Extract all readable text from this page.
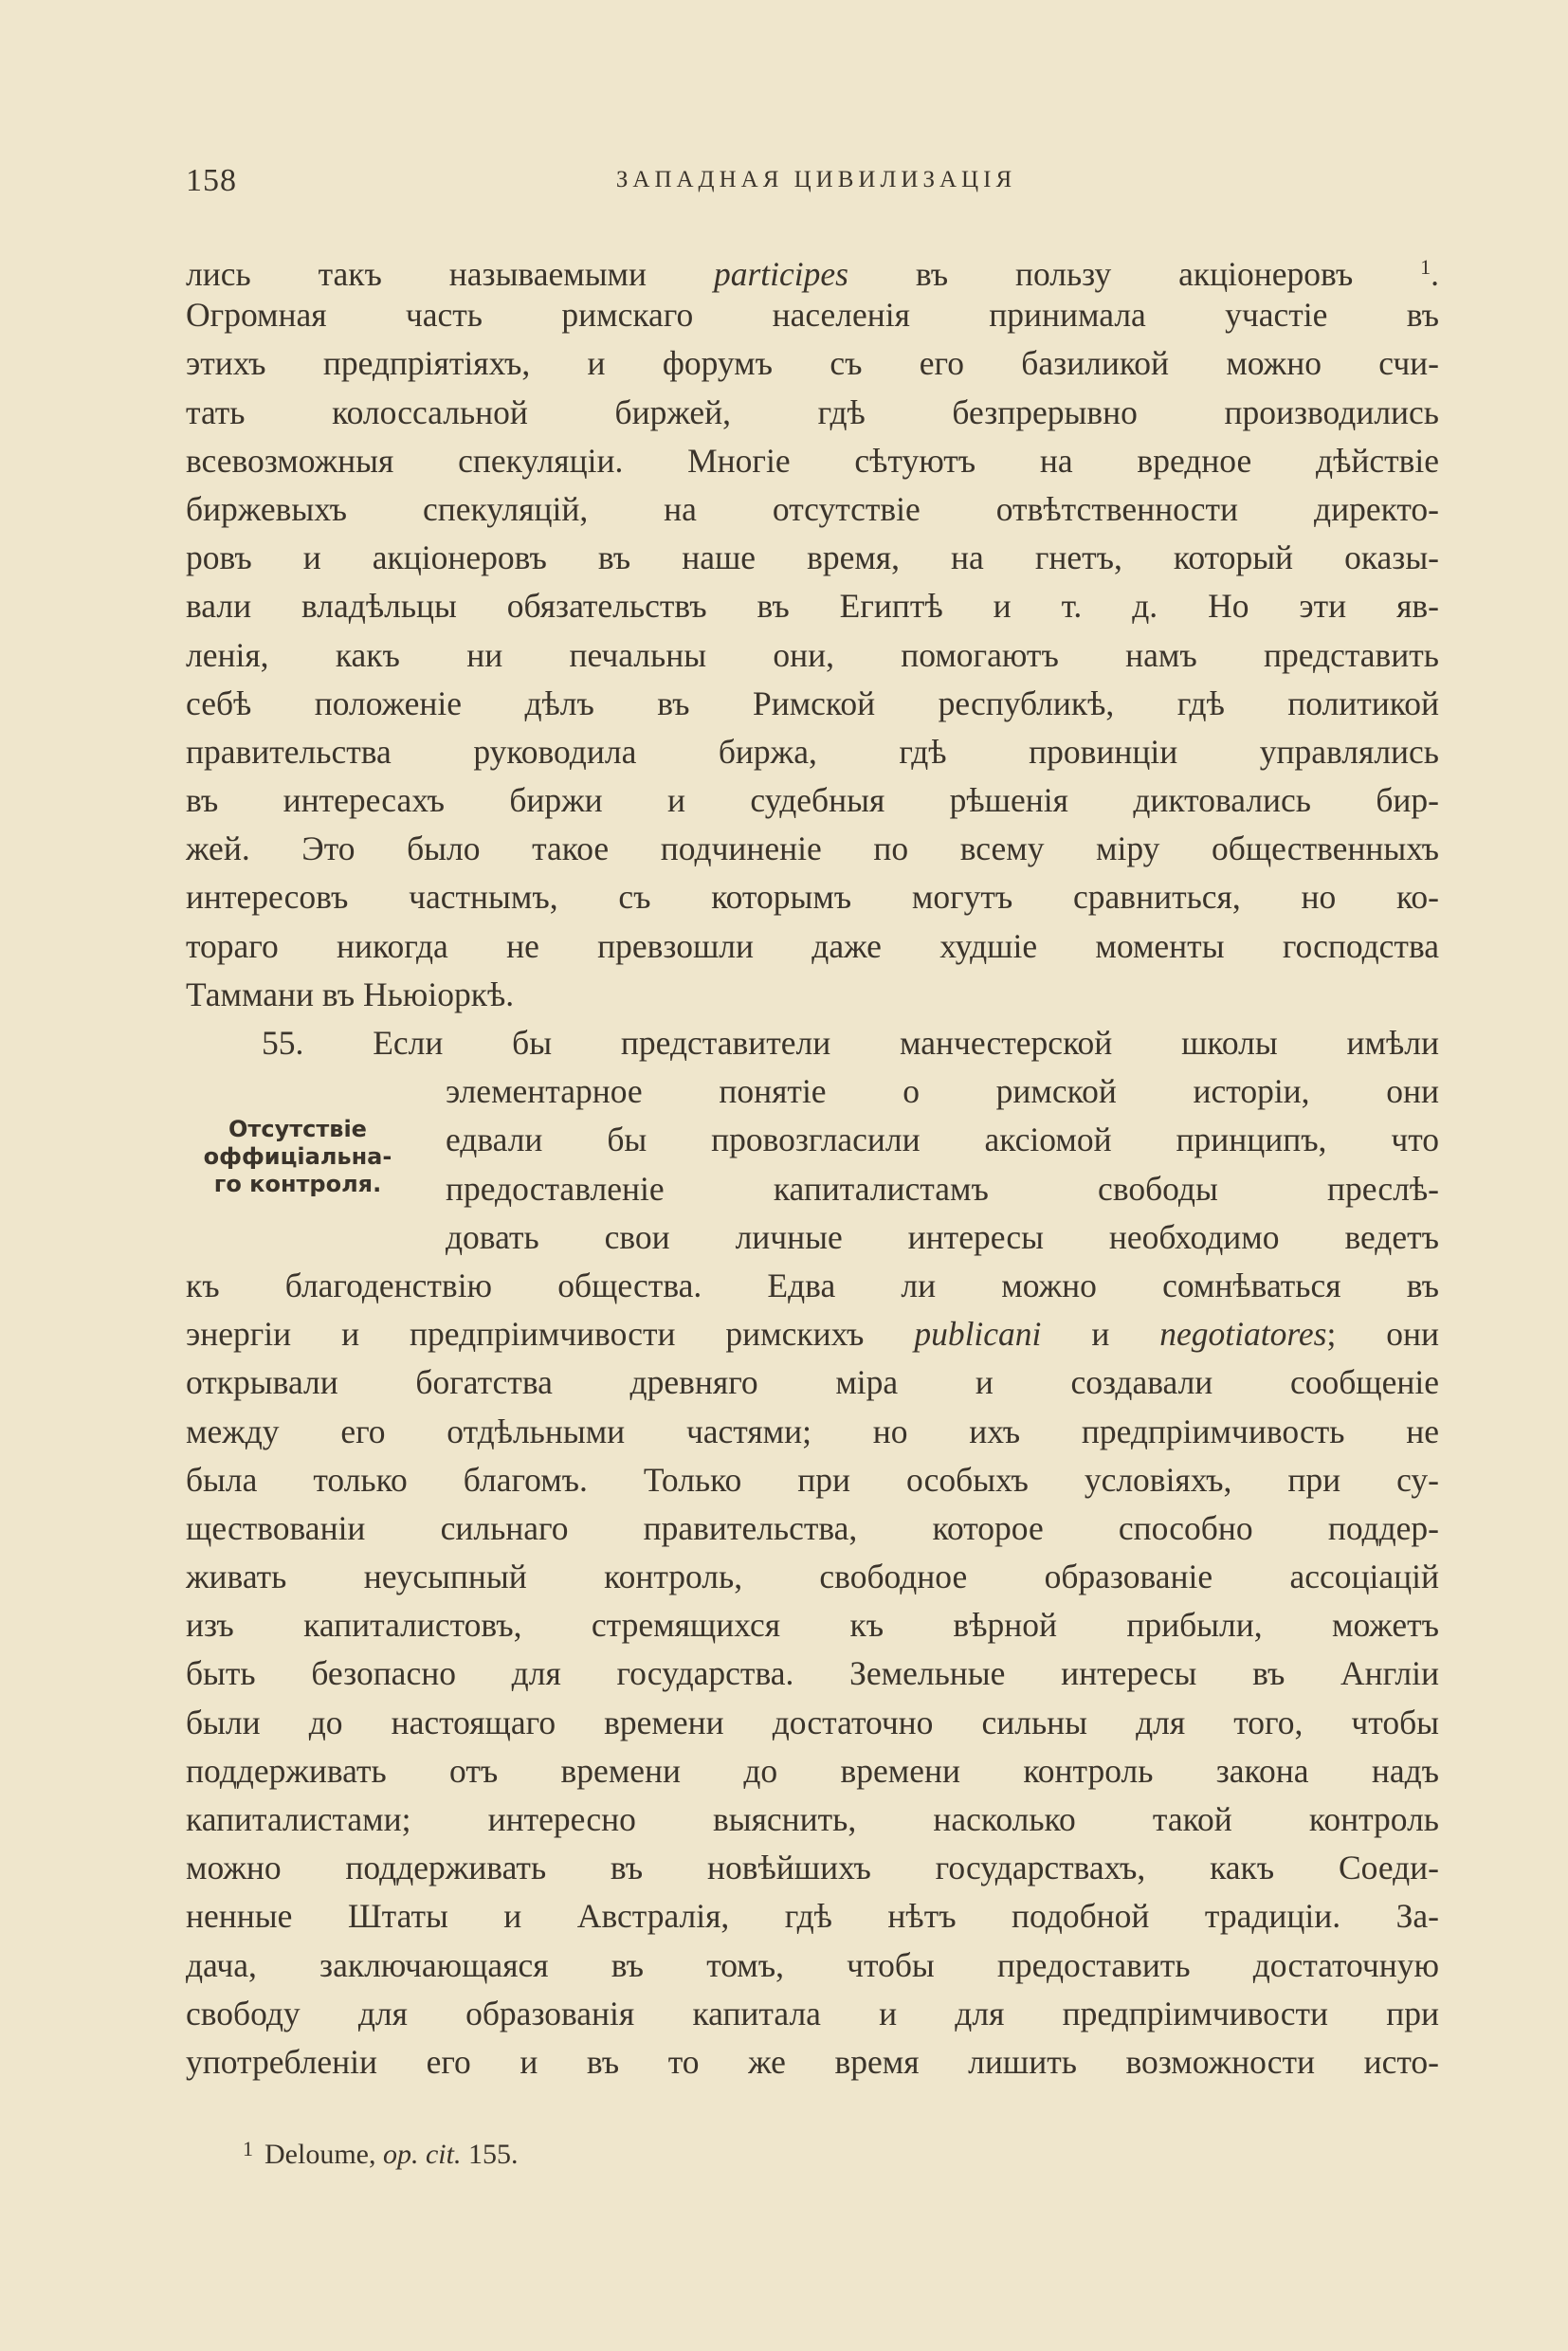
158	ЗАПАДНАЯ ЦИВИЛИЗАЦІЯ
лись такъ называемыми participes въ пользу акціонеровъ $^1$.
Огромная часть римскаго населенія принимала участіе въ
этихъ предпріятіяхъ, и форумъ съ его базиликой можно счи-
тать колоссальной биржей, гдѣ безпрерывно производились
всевозможныя спекуляціи. Многіе сѣтуютъ на вредное дѣйствіе
биржевыхъ спекуляцій, на отсутствіе отвѣтственности директо-
ровъ и акціонеровъ въ наше время, на гнетъ, который оказы-
вали владѣльцы обязательствъ въ Египтѣ и т. д. Но эти яв-
ленія, какъ ни печальны они, помогаютъ намъ представить
себѣ положеніе дѣлъ въ Римской республикѣ, гдѣ политикой
правительства руководила биржа, гдѣ провинціи управлялись
въ интересахъ биржи и судебныя рѣшенія диктовались бир-
жей. Это было такое подчиненіе по всему міру общественныхъ
интересовъ частнымъ, съ которымъ могутъ сравниться, но ко-
тораго никогда не превзошли даже худшіе моменты господства
Таммани въ Ньюіоркѣ.
55. Если бы представители манчестерской школы имѣли
элементарное понятіе о римской исторіи, они
едвали бы провозгласили аксіомой принципъ, что
предоставленіе капиталистамъ свободы преслѣ-
довать свои личные интересы необходимо ведетъ
къ благоденствію общества. Едва ли можно сомнѣваться въ
энергіи и предпріимчивости римскихъ publicani и negotiatores; они
открывали богатства древняго міра и создавали сообщеніе
между его отдѣльными частями; но ихъ предпріимчивость не
была только благомъ. Только при особыхъ условіяхъ, при су-
ществованіи сильнаго правительства, которое способно поддер-
живать неусыпный контроль, свободное образованіе ассоціацій
изъ капиталистовъ, стремящихся къ вѣрной прибыли, можетъ
быть безопасно для государства. Земельные интересы въ Англіи
были до настоящаго времени достаточно сильны для того, чтобы
поддерживать отъ времени до времени контроль закона надъ
капиталистами; интересно выяснить, насколько такой контроль
можно поддерживать въ новѣйшихъ государствахъ, какъ Соеди-
ненные Штаты и Австралія, гдѣ нѣтъ подобной традиціи. За-
дача, заключающаяся въ томъ, чтобы предоставить достаточную
свободу для образованія капитала и для предпріимчивости при
употребленіи его и въ то же время лишить возможности исто-
Отсутствіе
оффиціальна-
го контроля.
$^1$ Deloume, op. cit. 155.
